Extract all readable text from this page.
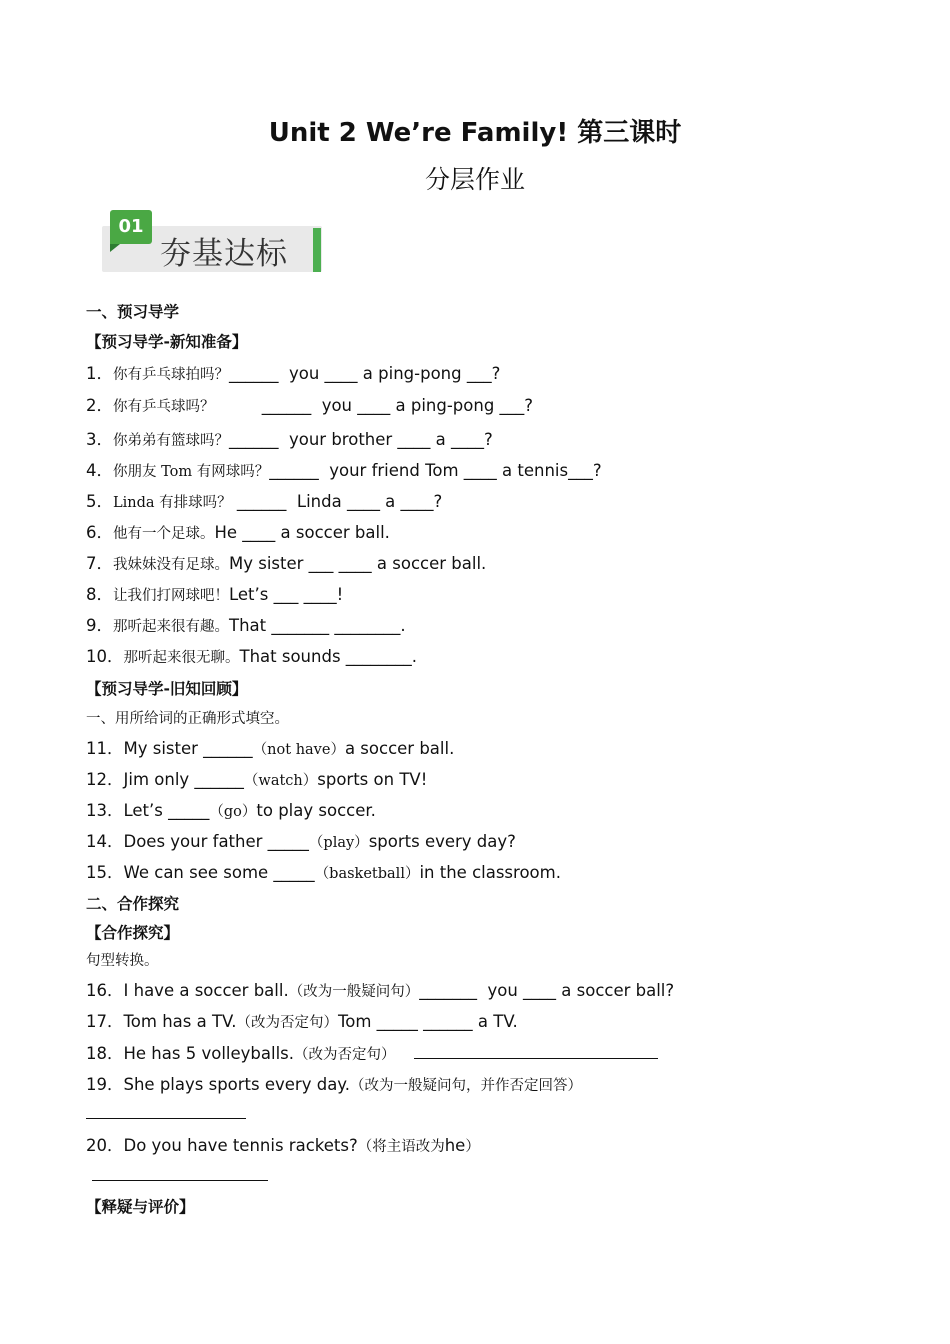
Unit 2 We’re Family! 第三课时
分层作业
01
夯基达标
一、预习导学
【预习导学-新知准备】
1．你有乒乓球拍吗？______  you ____ a ping-pong ___?
2．你有乒乓球吗？         ______  you ____ a ping-pong ___?
3．你弟弟有篮球吗？______  your brother ____ a ____?
4．你朋友 Tom 有网球吗？______  your friend Tom ____ a tennis___?
5．Linda 有排球吗？ ______  Linda ____ a ____?
6．他有一个足球。He ____ a soccer ball.
7．我妹妹没有足球。My sister ___ ____ a soccer ball.
8．让我们打网球吧！Let’s ___ ____!
9．那听起来很有趣。That _______ ________.
10．那听起来很无聊。That sounds ________.
【预习导学-旧知回顾】
一、用所给词的正确形式填空。
11．My sister ______（not have）a soccer ball.
12．Jim only ______（watch）sports on TV!
13．Let’s _____（go）to play soccer.
14．Does your father _____（play）sports every day?
15．We can see some _____（basketball）in the classroom.
二、合作探究
【合作探究】
句型转换。
16．I have a soccer ball.（改为一般疑问句）_______  you ____ a soccer ball?
17．Tom has a TV.（改为否定句）Tom _____ ______ a TV.
18．He has 5 volleyballs.（改为否定句）
19．She plays sports every day.（改为一般疑问句，并作否定回答）
20．Do you have tennis rackets?（将主语改为he）
【释疑与评价】
